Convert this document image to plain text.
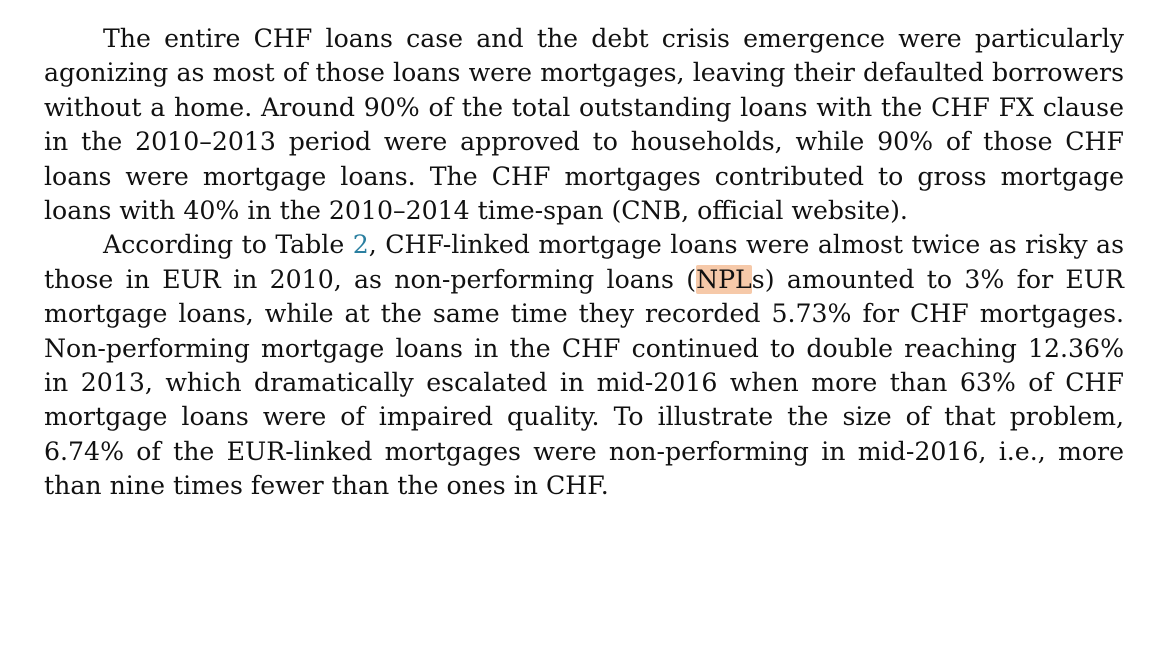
The entire CHF loans case and the debt crisis emergence were particularly agonizing as most of those loans were mortgages, leaving their defaulted borrowers without a home. Around 90% of the total outstanding loans with the CHF FX clause in the 2010–2013 period were approved to households, while 90% of those CHF loans were mortgage loans. The CHF mortgages contributed to gross mortgage loans with 40% in the 2010–2014 time-span (CNB, official website).

According to Table 2, CHF-linked mortgage loans were almost twice as risky as those in EUR in 2010, as non-performing loans (NPLs) amounted to 3% for EUR mortgage loans, while at the same time they recorded 5.73% for CHF mortgages. Non-performing mortgage loans in the CHF continued to double reaching 12.36% in 2013, which dramatically escalated in mid-2016 when more than 63% of CHF mortgage loans were of impaired quality. To illustrate the size of that problem, 6.74% of the EUR-linked mortgages were non-performing in mid-2016, i.e., more than nine times fewer than the ones in CHF.
